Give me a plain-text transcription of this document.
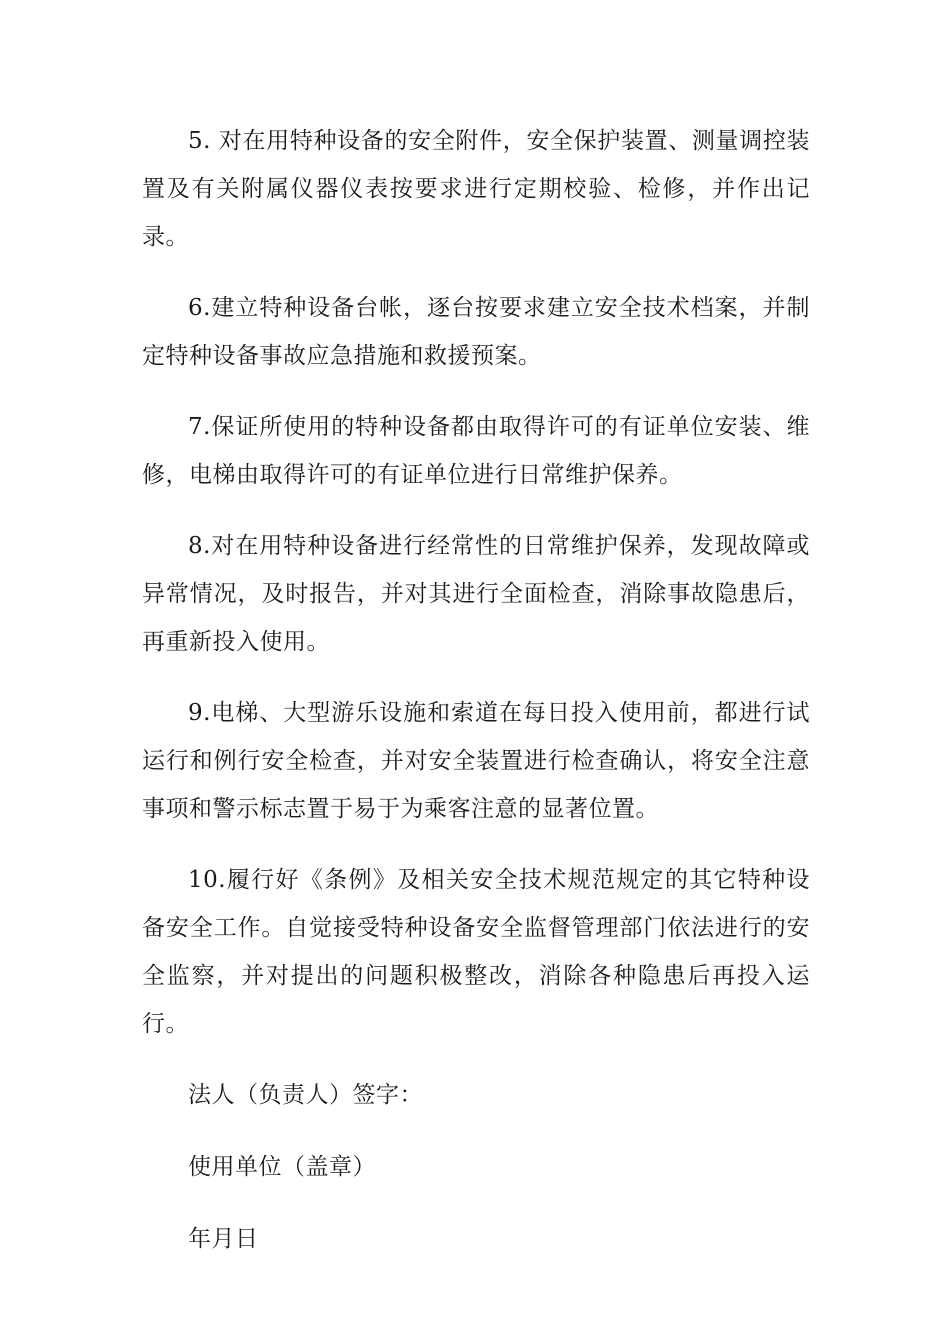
5. 对在用特种设备的安全附件，安全保护装置、测量调控装置及有关附属仪器仪表按要求进行定期校验、检修，并作出记录。

6.建立特种设备台帐，逐台按要求建立安全技术档案，并制定特种设备事故应急措施和救援预案。

7.保证所使用的特种设备都由取得许可的有证单位安装、维修，电梯由取得许可的有证单位进行日常维护保养。

8.对在用特种设备进行经常性的日常维护保养，发现故障或异常情况，及时报告，并对其进行全面检查，消除事故隐患后，再重新投入使用。

9.电梯、大型游乐设施和索道在每日投入使用前，都进行试运行和例行安全检查，并对安全装置进行检查确认，将安全注意事项和警示标志置于易于为乘客注意的显著位置。

10.履行好《条例》及相关安全技术规范规定的其它特种设备安全工作。自觉接受特种设备安全监督管理部门依法进行的安全监察，并对提出的问题积极整改，消除各种隐患后再投入运行。

法人（负责人）签字：

使用单位（盖章）

年月日
